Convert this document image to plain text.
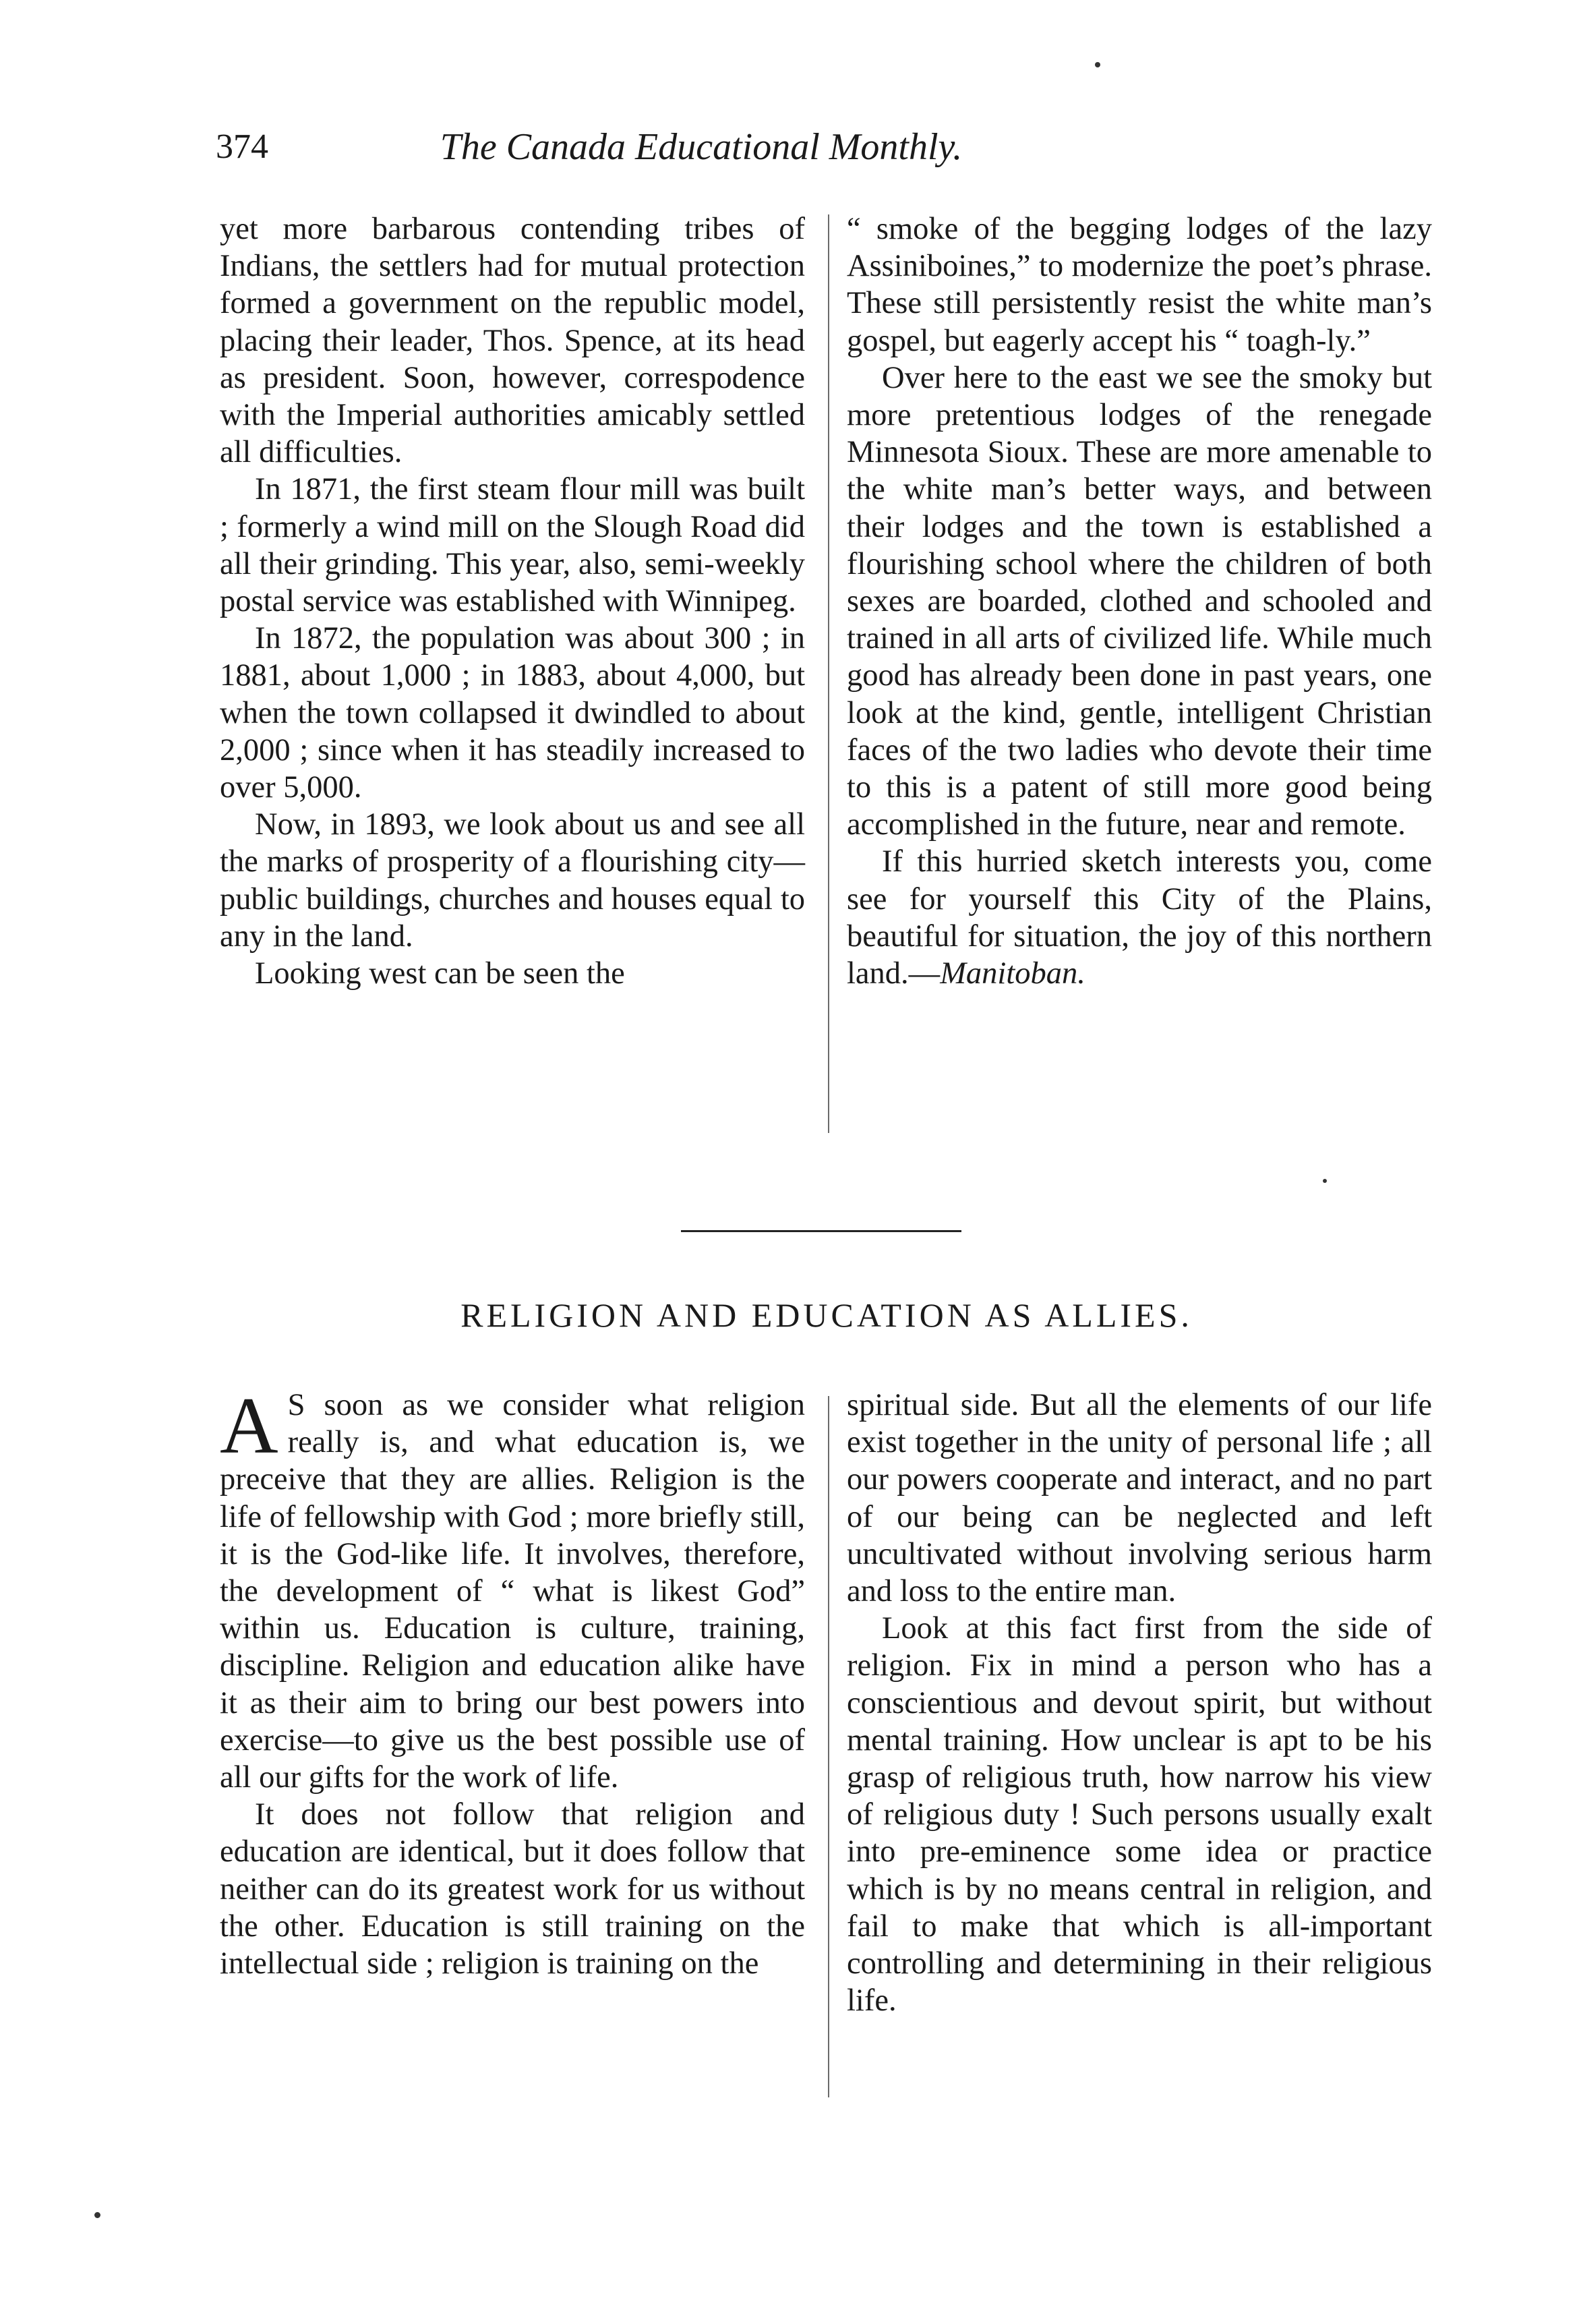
374	The Canada Educational Monthly.

yet more barbarous contending tribes of Indians, the settlers had for mutual protection formed a government on the republic model, placing their leader, Thos. Spence, at its head as president. Soon, however, correspodence with the Imperial authorities amicably settled all difficulties.

In 1871, the first steam flour mill was built ; formerly a wind mill on the Slough Road did all their grinding. This year, also, semi-weekly postal service was established with Winnipeg.

In 1872, the population was about 300 ; in 1881, about 1,000 ; in 1883, about 4,000, but when the town collapsed it dwindled to about 2,000 ; since when it has steadily increased to over 5,000.

Now, in 1893, we look about us and see all the marks of prosperity of a flourishing city—public buildings, churches and houses equal to any in the land.

Looking west can be seen the

“ smoke of the begging lodges of the lazy Assiniboines,” to modernize the poet’s phrase. These still persistently resist the white man’s gospel, but eagerly accept his “ toagh-ly.”

Over here to the east we see the smoky but more pretentious lodges of the renegade Minnesota Sioux. These are more amenable to the white man’s better ways, and between their lodges and the town is established a flourishing school where the children of both sexes are boarded, clothed and schooled and trained in all arts of civilized life. While much good has already been done in past years, one look at the kind, gentle, intelligent Christian faces of the two ladies who devote their time to this is a patent of still more good being accomplished in the future, near and remote.

If this hurried sketch interests you, come see for yourself this City of the Plains, beautiful for situation, the joy of this northern land.—Manitoban.

RELIGION AND EDUCATION AS ALLIES.

A S soon as we consider what religion really is, and what education is, we preceive that they are allies. Religion is the life of fellowship with God ; more briefly still, it is the God-like life. It involves, therefore, the development of “ what is likest God” within us. Education is culture, training, discipline. Religion and education alike have it as their aim to bring our best powers into exercise—to give us the best possible use of all our gifts for the work of life.

It does not follow that religion and education are identical, but it does follow that neither can do its greatest work for us without the other. Education is still training on the intellectual side ; religion is training on the

spiritual side. But all the elements of our life exist together in the unity of personal life ; all our powers cooperate and interact, and no part of our being can be neglected and left uncultivated without involving serious harm and loss to the entire man.

Look at this fact first from the side of religion. Fix in mind a person who has a conscientious and devout spirit, but without mental training. How unclear is apt to be his grasp of religious truth, how narrow his view of religious duty ! Such persons usually exalt into pre-eminence some idea or practice which is by no means central in religion, and fail to make that which is all-important controlling and determining in their religious life.
